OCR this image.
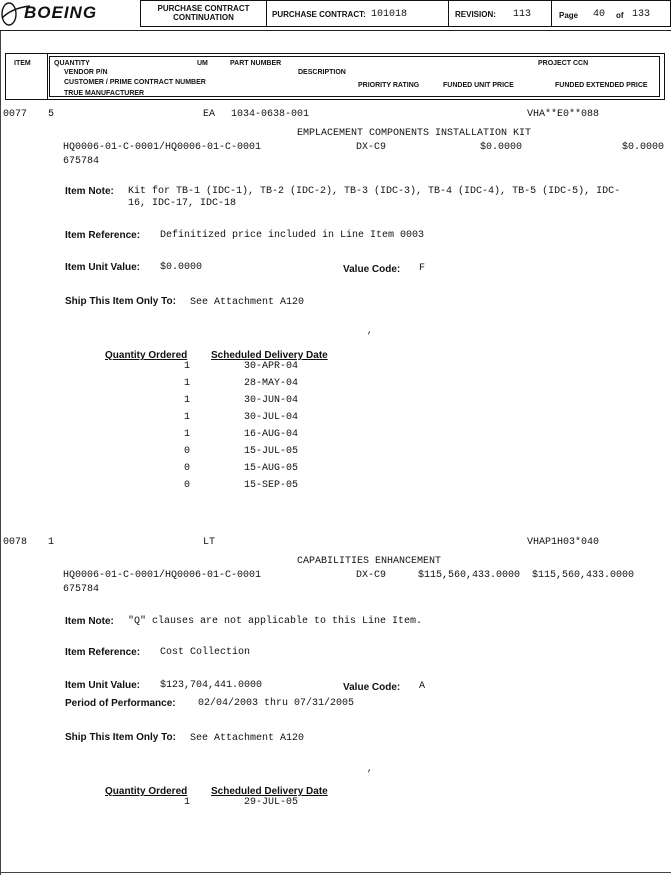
BOEING	PURCHASE CONTRACT
CONTINUATION	PURCHASE CONTRACT: 101018	REVISION: 113	Page 40 of 133
ITEM	QUANTITY	UM	PART NUMBER	PROJECT CCN
VENDOR P/N	DESCRIPTION
CUSTOMER / PRIME CONTRACT NUMBER	PRIORITY RATING	FUNDED UNIT PRICE	FUNDED EXTENDED PRICE
TRUE MANUFACTURER
0077 5	EA 1034-0638-001	VHA**E0**088
EMPLACEMENT COMPONENTS INSTALLATION KIT
HQ0006-01-C-0001/HQ0006-01-C-0001	DX-C9	$0.0000	$0.0000
675784
Item Note: Kit for TB-1 (IDC-1), TB-2 (IDC-2), TB-3 (IDC-3), TB-4 (IDC-4), TB-5 (IDC-5), IDC-
16, IDC-17, IDC-18
Item Reference: Definitized price included in Line Item 0003
Item Unit Value: $0.0000	Value Code: F
Ship This Item Only To: See Attachment A120
Quantity Ordered Scheduled Delivery Date
1	30-APR-04
1	28-MAY-04
1	30-JUN-04
1	30-JUL-04
1	16-AUG-04
0	15-JUL-05
0	15-AUG-05
0	15-SEP-05
0078 1	LT	VHAP1H03*040
CAPABILITIES ENHANCEMENT
HQ0006-01-C-0001/HQ0006-01-C-0001	DX-C9	$115,560,433.0000 $115,560,433.0000
675784
Item Note: "Q" clauses are not applicable to this Line Item.
Item Reference: Cost Collection
Item Unit Value: $123,704,441.0000	Value Code: A
Period of Performance: 02/04/2003 thru 07/31/2005
Ship This Item Only To: See Attachment A120
Quantity Ordered Scheduled Delivery Date
1	29-JUL-05
,
,
